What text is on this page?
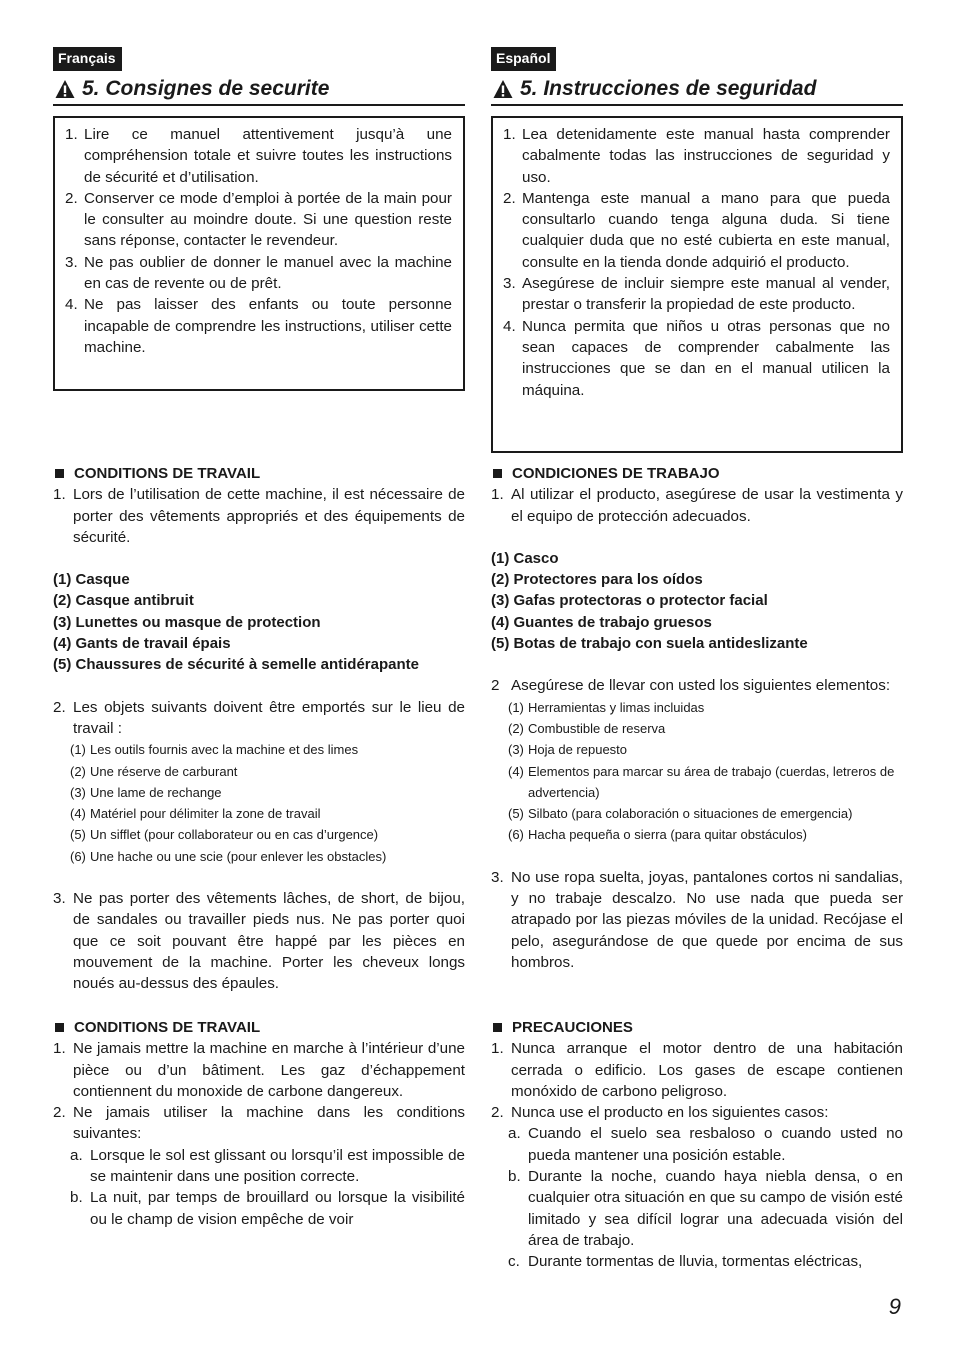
Français
5. Consignes de securite
1. Lire ce manuel attentivement jusqu’à une compréhension totale et suivre toutes les instructions de sécurité et d’utilisation.
2. Conserver ce mode d’emploi à portée de la main pour le consulter au moindre doute. Si une question reste sans réponse, contacter le revendeur.
3. Ne pas oublier de donner le manuel avec la machine en cas de revente ou de prêt.
4. Ne pas laisser des enfants ou toute personne incapable de comprendre les instructions, utiliser cette machine.
CONDITIONS DE TRAVAIL
1. Lors de l’utilisation de cette machine, il est nécessaire de porter des vêtements appropriés et des équipements de sécurité.
(1) Casque
(2) Casque antibruit
(3) Lunettes ou masque de protection
(4) Gants de travail épais
(5) Chaussures de sécurité à semelle antidérapante
2. Les objets suivants doivent être emportés sur le lieu de travail :
(1) Les outils fournis avec la machine et des limes
(2) Une réserve de carburant
(3) Une lame de rechange
(4) Matériel pour délimiter la zone de travail
(5) Un sifflet (pour collaborateur ou en cas d’urgence)
(6) Une hache ou une scie (pour enlever les obstacles)
3. Ne pas porter des vêtements lâches, de short, de bijou, de sandales ou travailler pieds nus. Ne pas porter quoi que ce soit pouvant être happé par les pièces en mouvement de la machine. Porter les cheveux longs noués au-dessus des épaules.
CONDITIONS DE TRAVAIL
1. Ne jamais mettre la machine en marche à l’intérieur d’une pièce ou d’un bâtiment. Les gaz d’échappement contiennent du monoxide de carbone dangereux.
2. Ne jamais utiliser la machine dans les conditions suivantes:
a. Lorsque le sol est glissant ou lorsqu’il est impossible de se maintenir dans une position correcte.
b. La nuit, par temps de brouillard ou lorsque la visibilité ou le champ de vision empêche de voir
Español
5. Instrucciones de seguridad
1. Lea detenidamente este manual hasta comprender cabalmente todas las instrucciones de seguridad y uso.
2. Mantenga este manual a mano para que pueda consultarlo cuando tenga alguna duda. Si tiene cualquier duda que no esté cubierta en este manual, consulte en la tienda donde adquirió el producto.
3. Asegúrese de incluir siempre este manual al vender, prestar o transferir la propiedad de este producto.
4. Nunca permita que niños u otras personas que no sean capaces de comprender cabalmente las instrucciones que se dan en el manual utilicen la máquina.
CONDICIONES DE TRABAJO
1. Al utilizar el producto, asegúrese de usar la vestimenta y el equipo de protección adecuados.
(1) Casco
(2) Protectores para los oídos
(3) Gafas protectoras o protector facial
(4) Guantes de trabajo gruesos
(5) Botas de trabajo con suela antideslizante
2 Asegúrese de llevar con usted los siguientes elementos:
(1) Herramientas y limas incluidas
(2) Combustible de reserva
(3) Hoja de repuesto
(4) Elementos para marcar su área de trabajo (cuerdas, letreros de advertencia)
(5) Silbato (para colaboración o situaciones de emergencia)
(6) Hacha pequeña o sierra (para quitar obstáculos)
3. No use ropa suelta, joyas, pantalones cortos ni sandalias, y no trabaje descalzo. No use nada que pueda ser atrapado por las piezas móviles de la unidad. Recójase el pelo, asegurándose de que quede por encima de sus hombros.
PRECAUCIONES
1. Nunca arranque el motor dentro de una habitación cerrada o edificio. Los gases de escape contienen monóxido de carbono peligroso.
2. Nunca use el producto en los siguientes casos:
a. Cuando el suelo sea resbaloso o cuando usted no pueda mantener una posición estable.
b. Durante la noche, cuando haya niebla densa, o en cualquier otra situación en que su campo de visión esté limitado y sea difícil lograr una adecuada visión del área de trabajo.
c. Durante tormentas de lluvia, tormentas eléctricas,
9
